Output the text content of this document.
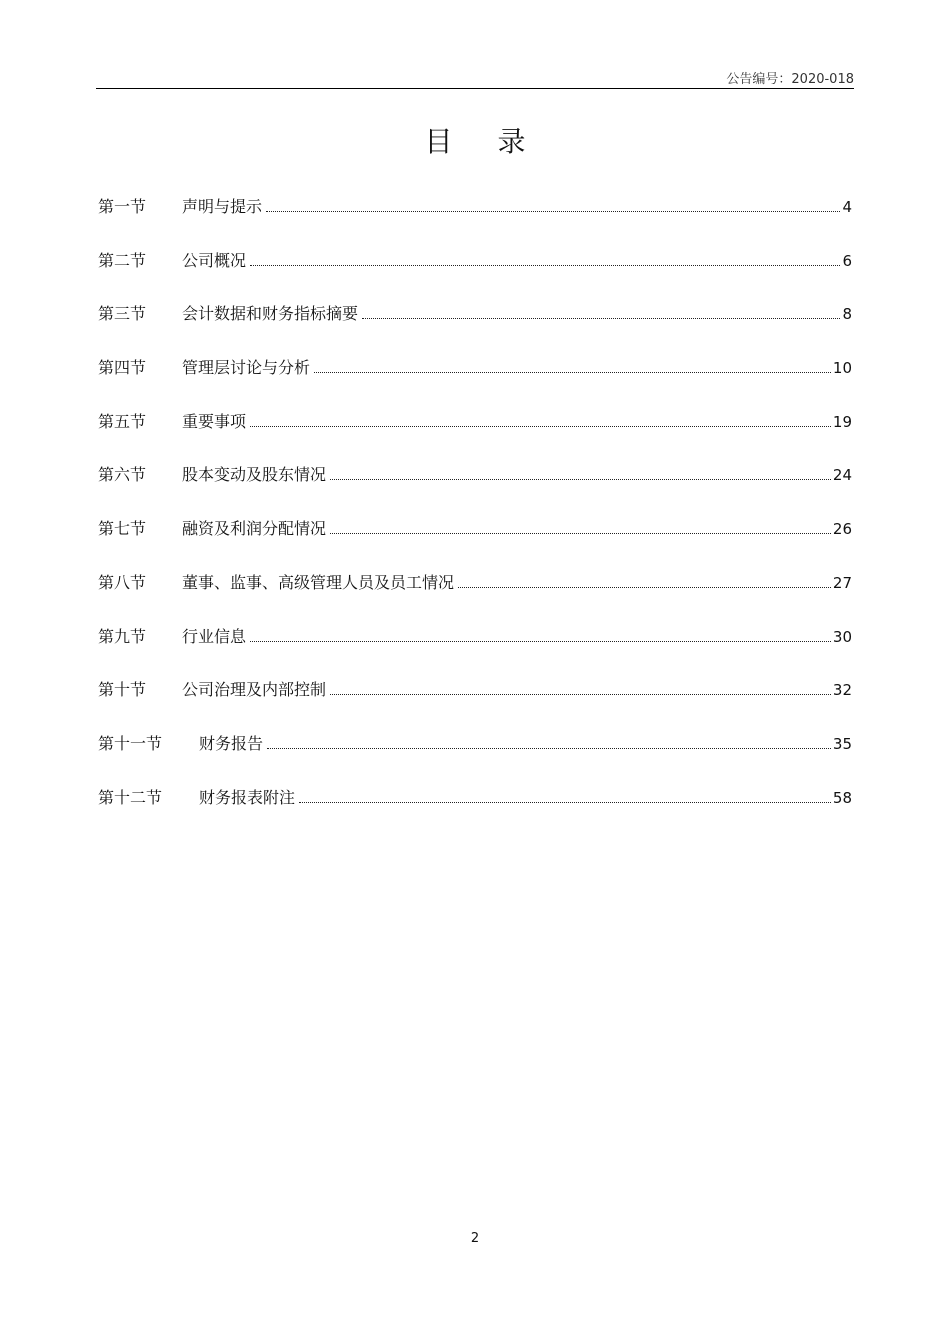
公告编号：2020-018
目 录
第一节	声明与提示	4
第二节	公司概况	6
第三节	会计数据和财务指标摘要	8
第四节	管理层讨论与分析	10
第五节	重要事项	19
第六节	股本变动及股东情况	24
第七节	融资及利润分配情况	26
第八节	董事、监事、高级管理人员及员工情况	27
第九节	行业信息	30
第十节	公司治理及内部控制	32
第十一节	财务报告	35
第十二节	财务报表附注	58
2
